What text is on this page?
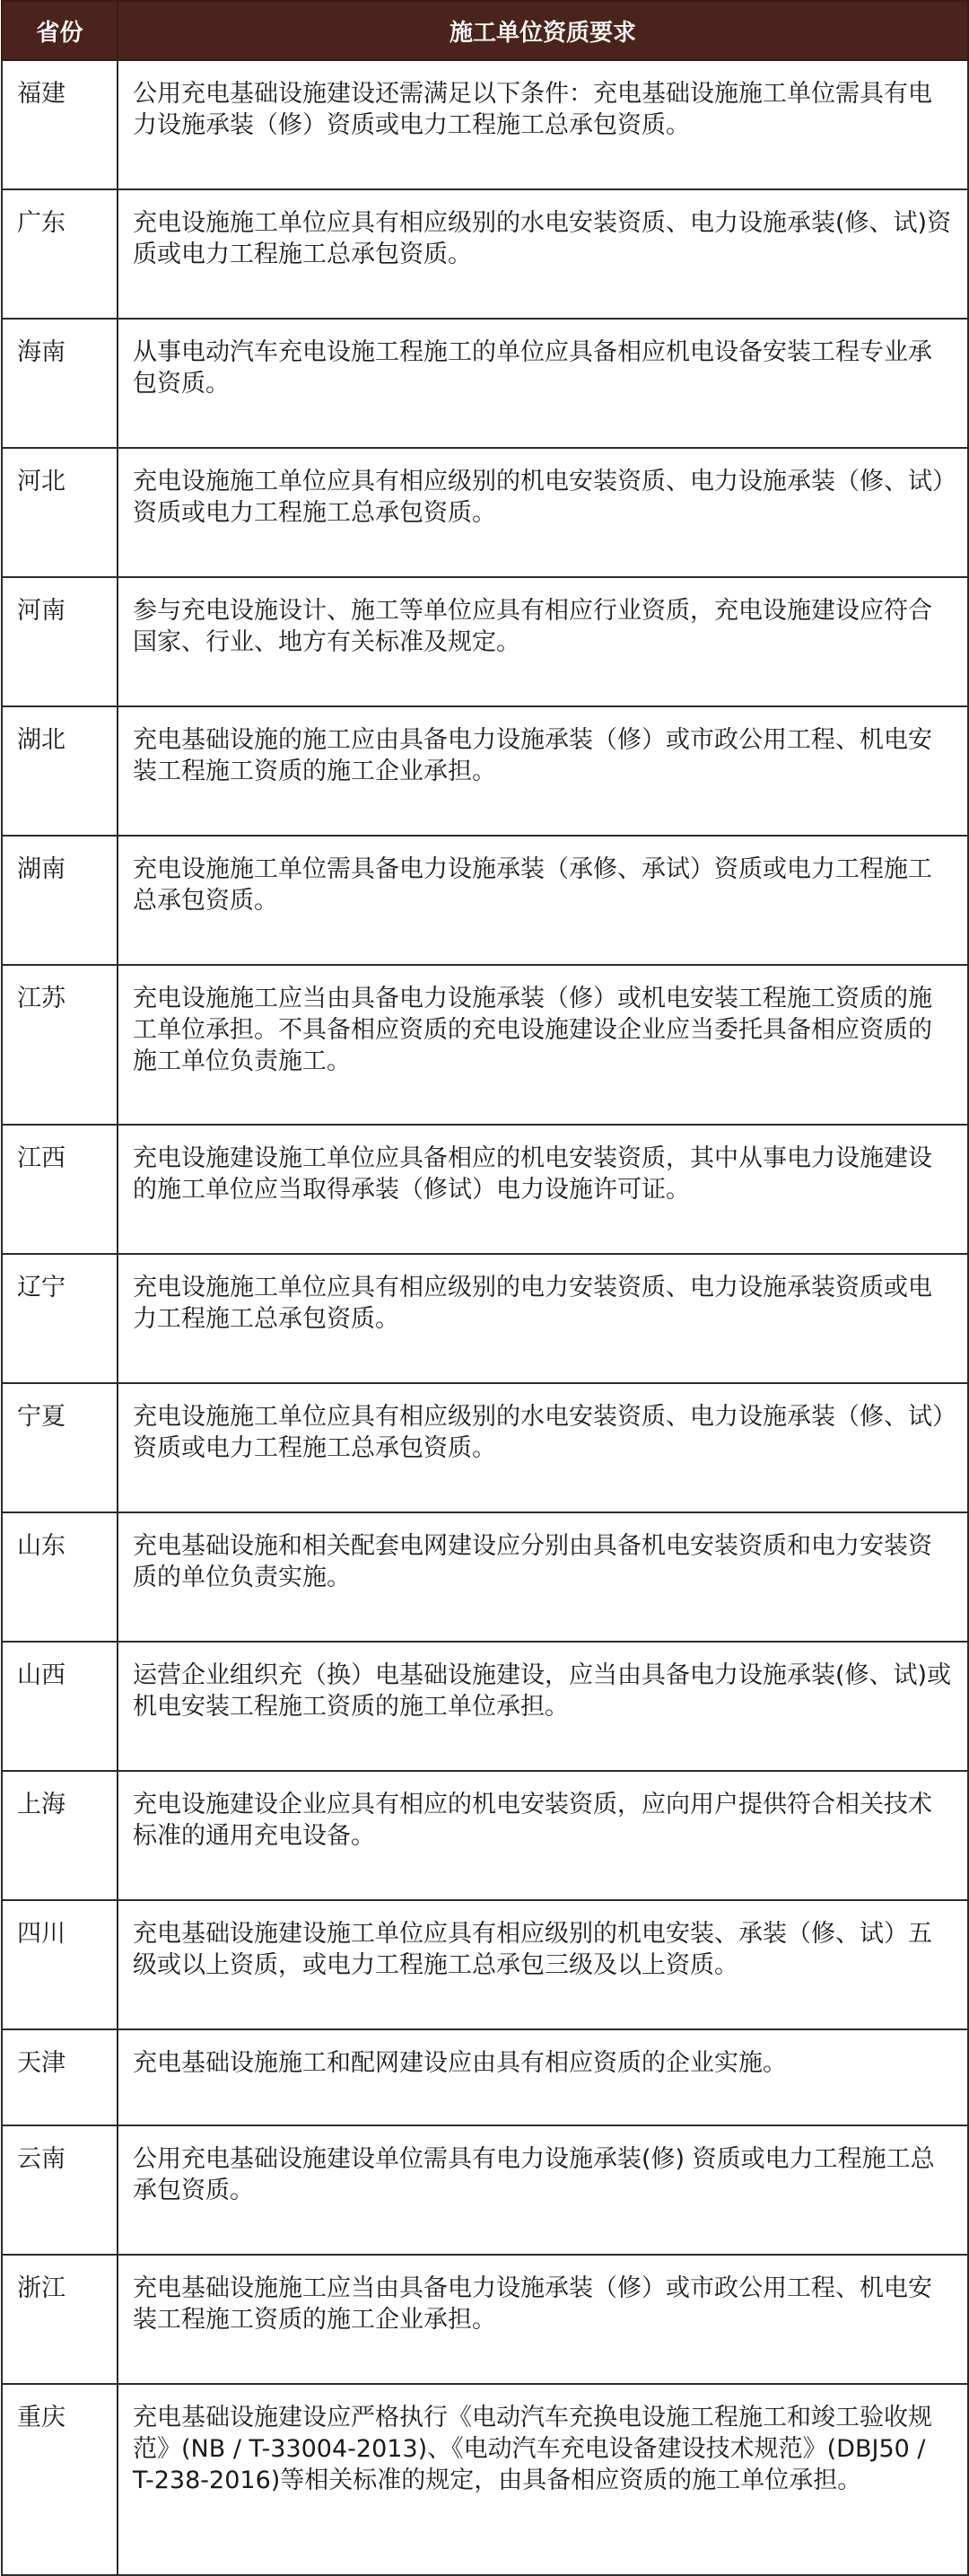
省份	施工单位资质要求
福建	公用充电基础设施建设还需满足以下条件：充电基础设施施工单位需具有电力设施承装（修）资质或电力工程施工总承包资质。
广东	充电设施施工单位应具有相应级别的水电安装资质、电力设施承装(修、试)资质或电力工程施工总承包资质。
海南	从事电动汽车充电设施工程施工的单位应具备相应机电设备安装工程专业承包资质。
河北	充电设施施工单位应具有相应级别的机电安装资质、电力设施承装（修、试）资质或电力工程施工总承包资质。
河南	参与充电设施设计、施工等单位应具有相应行业资质，充电设施建设应符合国家、行业、地方有关标准及规定。
湖北	充电基础设施的施工应由具备电力设施承装（修）或市政公用工程、机电安装工程施工资质的施工企业承担。
湖南	充电设施施工单位需具备电力设施承装（承修、承试）资质或电力工程施工总承包资质。
江苏	充电设施施工应当由具备电力设施承装（修）或机电安装工程施工资质的施工单位承担。不具备相应资质的充电设施建设企业应当委托具备相应资质的施工单位负责施工。
江西	充电设施建设施工单位应具备相应的机电安装资质，其中从事电力设施建设的施工单位应当取得承装（修试）电力设施许可证。
辽宁	充电设施施工单位应具有相应级别的电力安装资质、电力设施承装资质或电力工程施工总承包资质。
宁夏	充电设施施工单位应具有相应级别的水电安装资质、电力设施承装（修、试）资质或电力工程施工总承包资质。
山东	充电基础设施和相关配套电网建设应分别由具备机电安装资质和电力安装资质的单位负责实施。
山西	运营企业组织充（换）电基础设施建设，应当由具备电力设施承装(修、试)或机电安装工程施工资质的施工单位承担。
上海	充电设施建设企业应具有相应的机电安装资质，应向用户提供符合相关技术标准的通用充电设备。
四川	充电基础设施建设施工单位应具有相应级别的机电安装、承装（修、试）五级或以上资质，或电力工程施工总承包三级及以上资质。
天津	充电基础设施施工和配网建设应由具有相应资质的企业实施。
云南	公用充电基础设施建设单位需具有电力设施承装(修) 资质或电力工程施工总承包资质。
浙江	充电基础设施施工应当由具备电力设施承装（修）或市政公用工程、机电安装工程施工资质的施工企业承担。
重庆	充电基础设施建设应严格执行《电动汽车充换电设施工程施工和竣工验收规范》(NB / T-33004-2013)、《电动汽车充电设备建设技术规范》(DBJ50 / T-238-2016)等相关标准的规定，由具备相应资质的施工单位承担。
